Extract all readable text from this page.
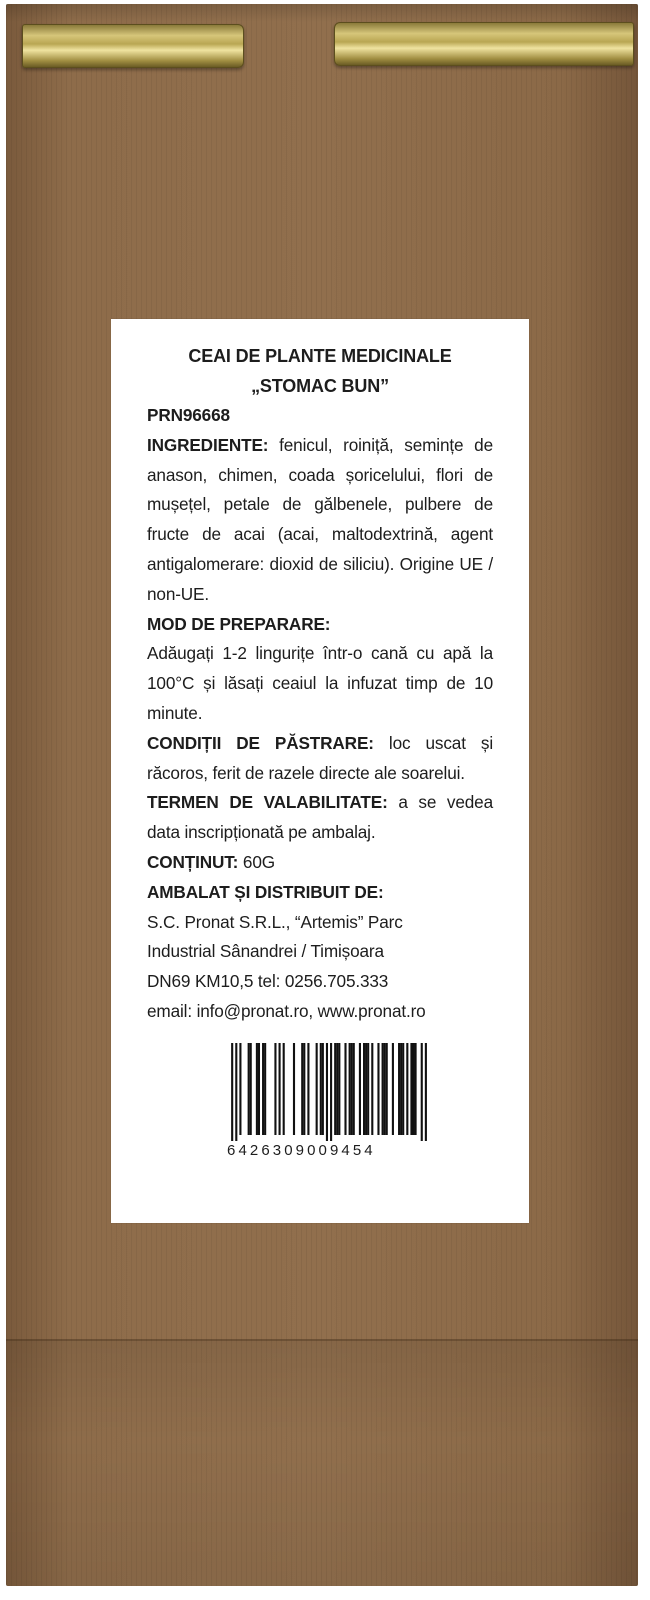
CEAI DE PLANTE MEDICINALE
„STOMAC BUN”

PRN96668

INGREDIENTE: fenicul, roiniță, semințe de anason, chimen, coada șoricelului, flori de mușețel, petale de gălbenele, pulbere de fructe de acai (acai, maltodextrină, agent antigalomerare: dioxid de siliciu). Origine UE / non-UE.

MOD DE PREPARARE:

Adăugați 1-2 lingurițe într-o cană cu apă la 100°C și lăsați ceaiul la infuzat timp de 10 minute.

CONDIȚII DE PĂSTRARE: loc uscat și răcoros, ferit de razele directe ale soarelui.

TERMEN DE VALABILITATE: a se vedea data inscripționată pe ambalaj.

CONȚINUT: 60G

AMBALAT ȘI DISTRIBUIT DE:

S.C. Pronat S.R.L., “Artemis” Parc

Industrial Sânandrei / Timișoara

DN69 KM10,5 tel: 0256.705.333

email: info@pronat.ro, www.pronat.ro

6426309009454
